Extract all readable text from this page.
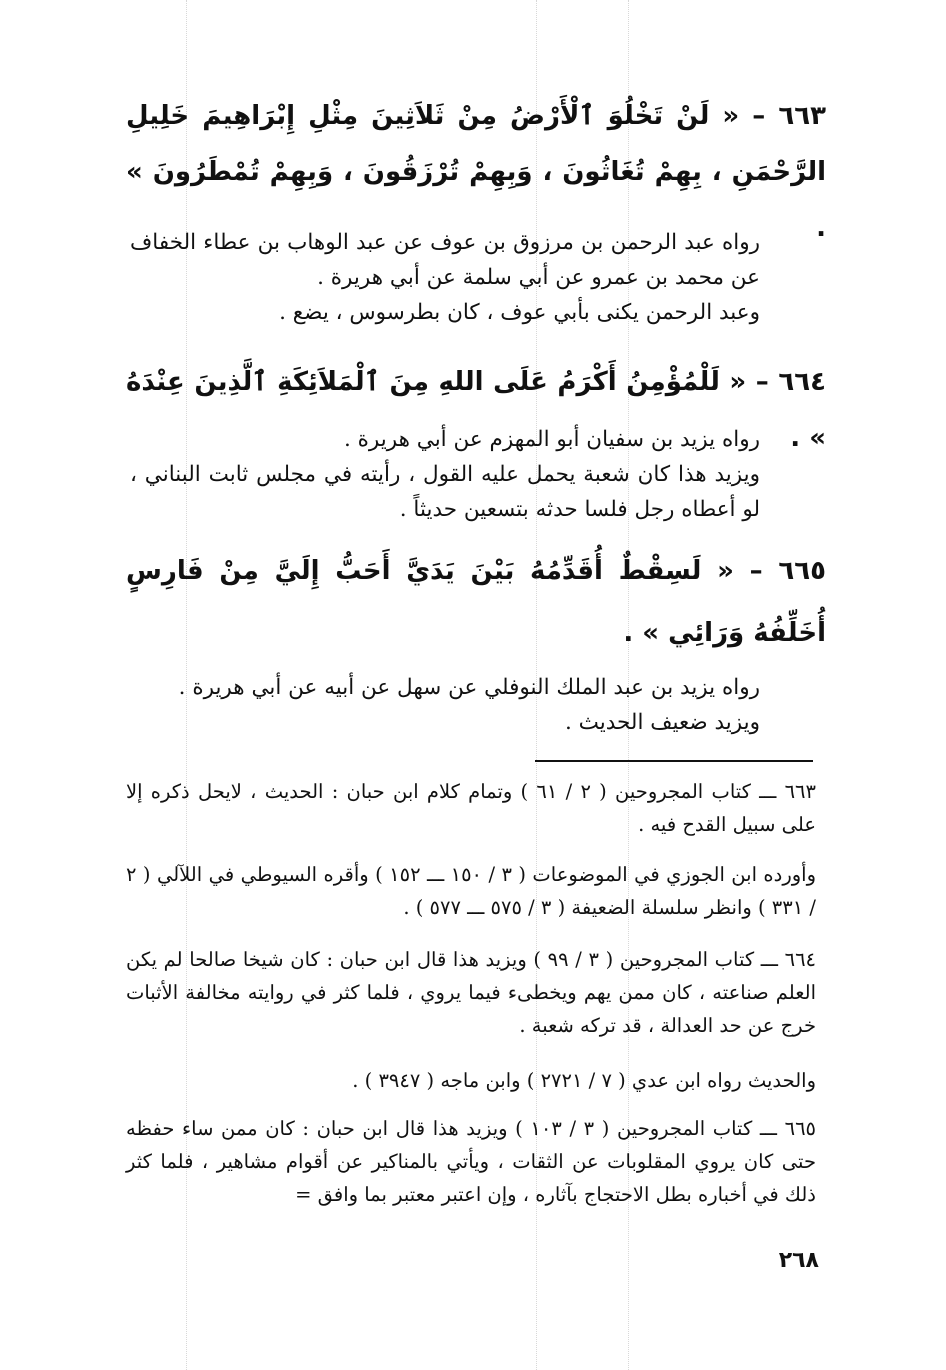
٦٦٣ – « لَنْ تَخْلُوَ ٱلْأَرْضُ مِنْ ثَلاَثِينَ مِثْلِ إِبْرَاهِيمَ خَلِيلِ الرَّحْمَنِ ، بِهِمْ تُغَاثُونَ ، وَبِهِمْ تُرْزَقُونَ ، وَبِهِمْ تُمْطَرُونَ » .

رواه عبد الرحمن بن مرزوق بن عوف عن عبد الوهاب بن عطاء الخفاف عن محمد بن عمرو عن أبي سلمة عن أبي هريرة .

وعبد الرحمن يكنى بأبي عوف ، كان بطرسوس ، يضع .

٦٦٤ – « لَلْمُؤْمِنُ أَكْرَمُ عَلَى اللهِ مِنَ ٱلْمَلاَئِكَةِ ٱلَّذِينَ عِنْدَهُ » .

رواه يزيد بن سفيان أبو المهزم عن أبي هريرة .

ويزيد هذا كان شعبة يحمل عليه القول ، رأيته في مجلس ثابت البناني ، لو أعطاه رجل فلسا حدثه بتسعين حديثاً .

٦٦٥ – « لَسِقْطٌ أُقَدِّمُهُ بَيْنَ يَدَيَّ أَحَبُّ إِلَيَّ مِنْ فَارِسٍ أُخَلِّفُهُ وَرَائِي » .

رواه يزيد بن عبد الملك النوفلي عن سهل عن أبيه عن أبي هريرة .

ويزيد ضعيف الحديث .

٦٦٣ ـــ كتاب المجروحين ( ٢ / ٦١ ) وتمام كلام ابن حبان : الحديث ، لايحل ذكره إلا على سبيل القدح فيه .

وأورده ابن الجوزي في الموضوعات ( ٣ / ١٥٠ ـــ ١٥٢ ) وأقره السيوطي في اللآلي ( ٢ / ٣٣١ ) وانظر سلسلة الضعيفة ( ٣ / ٥٧٥ ـــ ٥٧٧ ) .

٦٦٤ ـــ كتاب المجروحين ( ٣ / ٩٩ ) ويزيد هذا قال ابن حبان : كان شيخا صالحا لم يكن العلم صناعته ، كان ممن يهم ويخطىء فيما يروي ، فلما كثر في روايته مخالفة الأثبات خرج عن حد العدالة ، قد تركه شعبة .

والحديث رواه ابن عدي ( ٧ / ٢٧٢١ ) وابن ماجه ( ٣٩٤٧ ) .

٦٦٥ ـــ كتاب المجروحين ( ٣ / ١٠٣ ) ويزيد هذا قال ابن حبان : كان ممن ساء حفظه حتى كان يروي المقلوبات عن الثقات ، ويأتي بالمناكير عن أقوام مشاهير ، فلما كثر ذلك في أخباره بطل الاحتجاج بآثاره ، وإن اعتبر معتبر بما وافق =

٢٦٨
